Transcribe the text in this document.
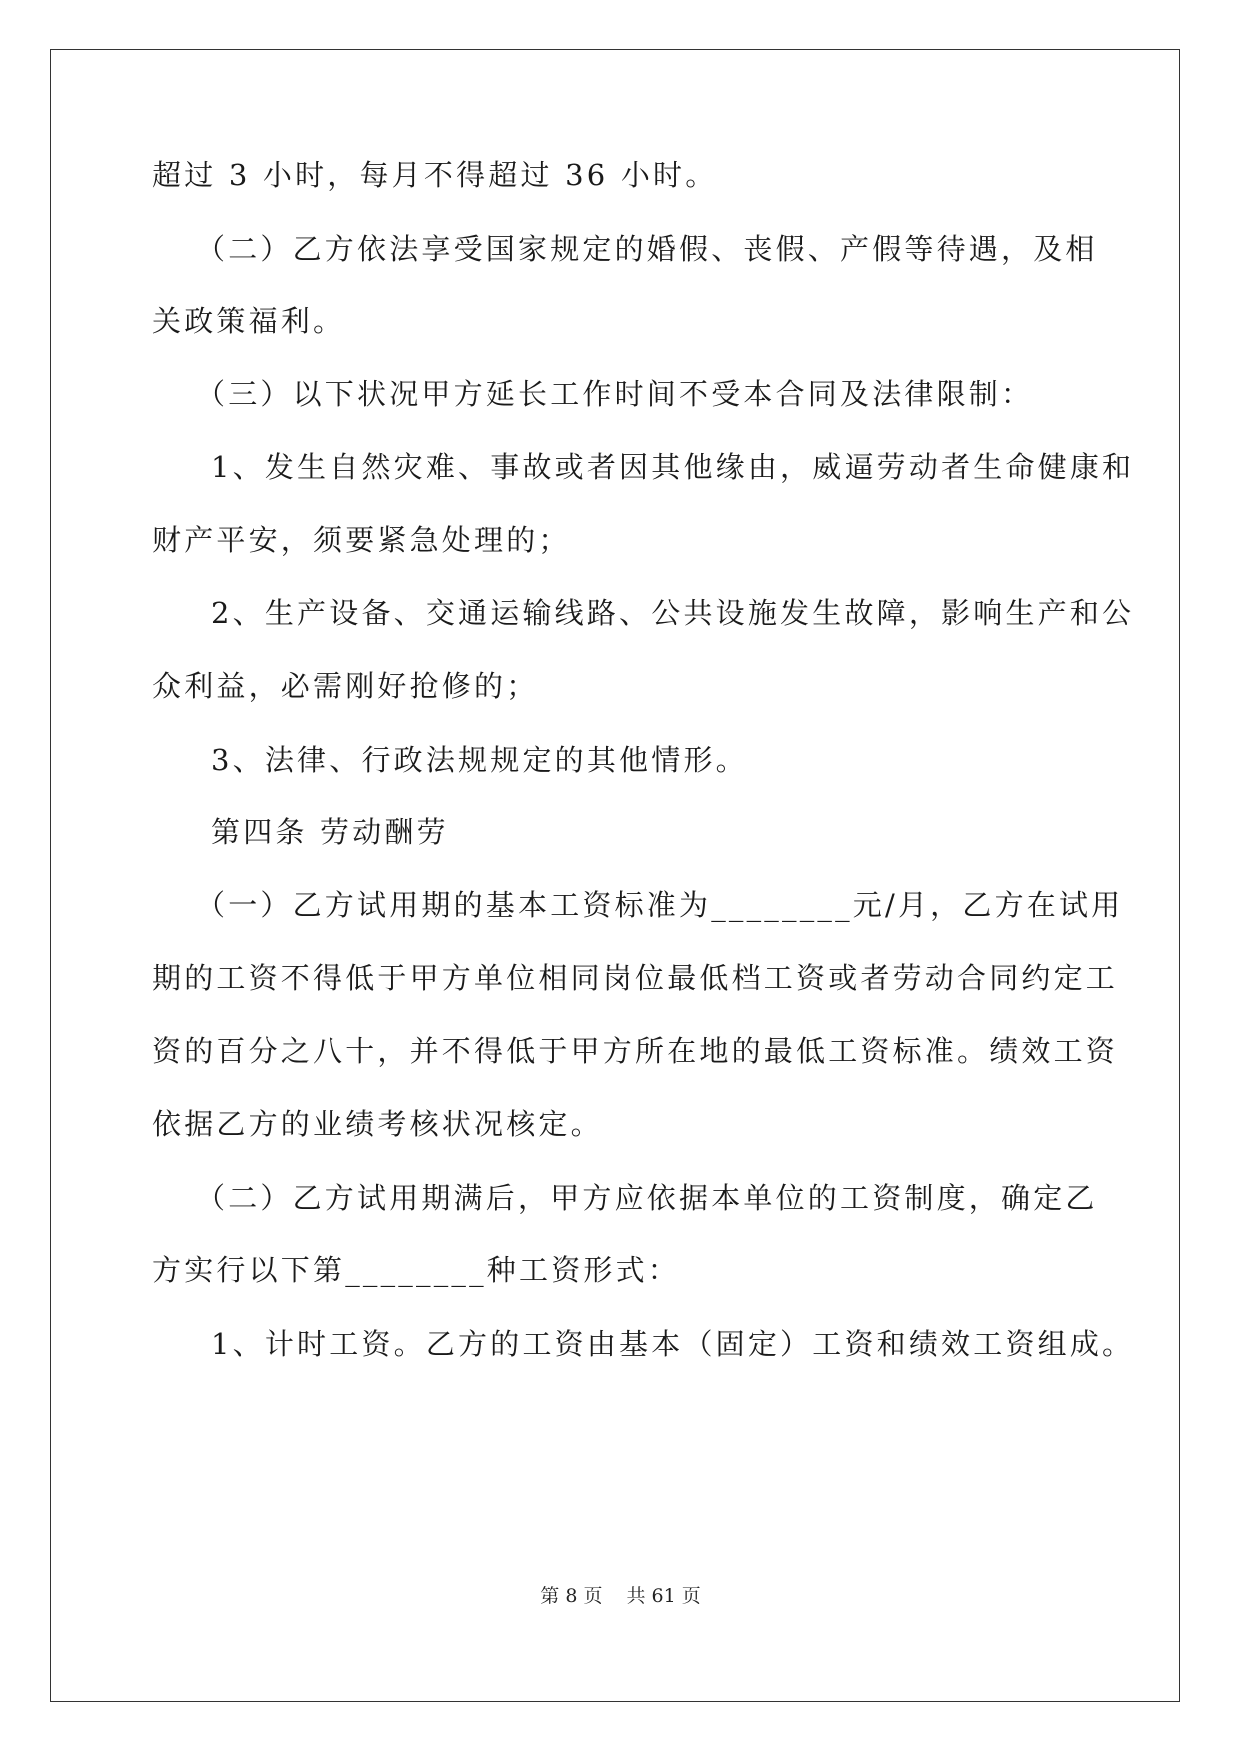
超过 3 小时，每月不得超过 36 小时。
（二）乙方依法享受国家规定的婚假、丧假、产假等待遇，及相
关政策福利。
（三）以下状况甲方延长工作时间不受本合同及法律限制：
1、发生自然灾难、事故或者因其他缘由，威逼劳动者生命健康和
财产平安，须要紧急处理的；
2、生产设备、交通运输线路、公共设施发生故障，影响生产和公
众利益，必需刚好抢修的；
3、法律、行政法规规定的其他情形。
第四条 劳动酬劳
（一）乙方试用期的基本工资标准为________元/月，乙方在试用
期的工资不得低于甲方单位相同岗位最低档工资或者劳动合同约定工
资的百分之八十，并不得低于甲方所在地的最低工资标准。绩效工资
依据乙方的业绩考核状况核定。
（二）乙方试用期满后，甲方应依据本单位的工资制度，确定乙
方实行以下第________种工资形式：
1、计时工资。乙方的工资由基本（固定）工资和绩效工资组成。
第 8 页 共 61 页
